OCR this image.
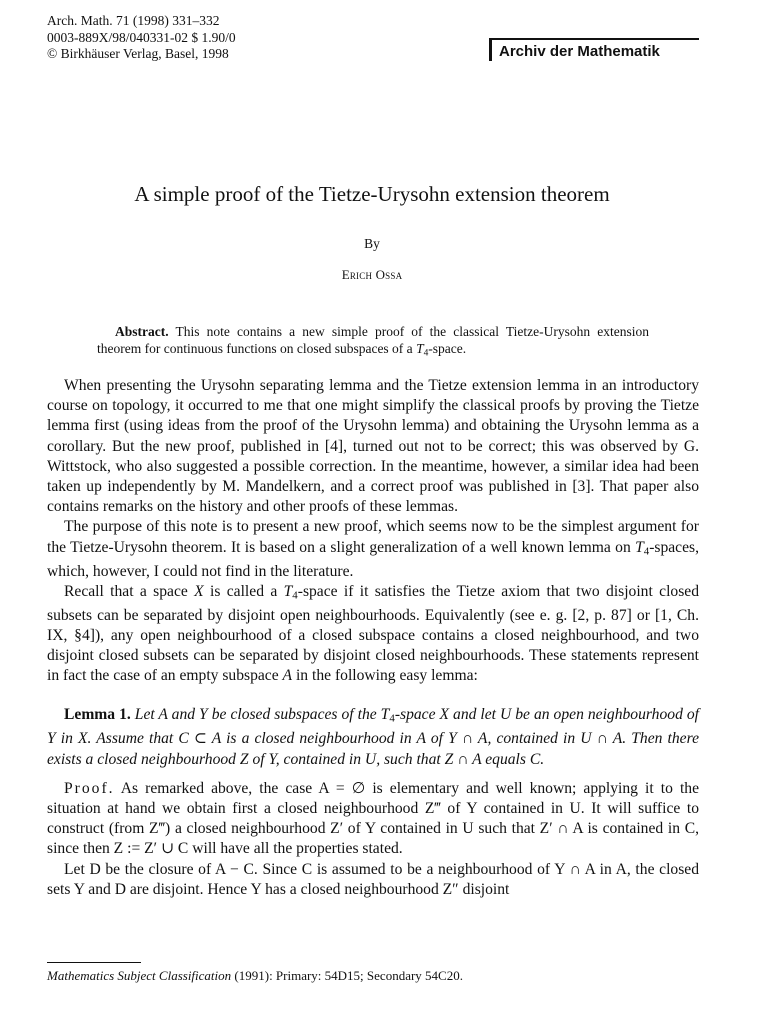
Arch. Math. 71 (1998) 331–332
0003-889X/98/040331-02 $ 1.90/0
© Birkhäuser Verlag, Basel, 1998	Archiv der Mathematik
A simple proof of the Tietze-Urysohn extension theorem
By
Erich Ossa
Abstract. This note contains a new simple proof of the classical Tietze-Urysohn extension theorem for continuous functions on closed subspaces of a $T_4$-space.

When presenting the Urysohn separating lemma and the Tietze extension lemma in an introductory course on topology, it occurred to me that one might simplify the classical proofs by proving the Tietze lemma first (using ideas from the proof of the Urysohn lemma) and obtaining the Urysohn lemma as a corollary. But the new proof, published in [4], turned out not to be correct; this was observed by G. Wittstock, who also suggested a possible correction. In the meantime, however, a similar idea had been taken up independently by M. Mandelkern, and a correct proof was published in [3]. That paper also contains remarks on the history and other proofs of these lemmas.

The purpose of this note is to present a new proof, which seems now to be the simplest argument for the Tietze-Urysohn theorem. It is based on a slight generalization of a well known lemma on $T_4$-spaces, which, however, I could not find in the literature.

Recall that a space X is called a $T_4$-space if it satisfies the Tietze axiom that two disjoint closed subsets can be separated by disjoint open neighbourhoods. Equivalently (see e. g. [2, p. 87] or [1, Ch. IX, §4]), any open neighbourhood of a closed subspace contains a closed neighbourhood, and two disjoint closed subsets can be separated by disjoint closed neighbourhoods. These statements represent in fact the case of an empty subspace A in the following easy lemma:

Lemma 1. Let A and Y be closed subspaces of the $T_4$-space X and let U be an open neighbourhood of Y in X. Assume that C ⊂ A is a closed neighbourhood in A of Y ∩ A, contained in U ∩ A. Then there exists a closed neighbourhood Z of Y, contained in U, such that Z ∩ A equals C.

Proof. As remarked above, the case A = ∅ is elementary and well known; applying it to the situation at hand we obtain first a closed neighbourhood Z‴ of Y contained in U. It will suffice to construct (from Z‴) a closed neighbourhood Z′ of Y contained in U such that Z′ ∩ A is contained in C, since then Z := Z′ ∪ C will have all the properties stated.

Let D be the closure of A − C. Since C is assumed to be a neighbourhood of Y ∩ A in A, the closed sets Y and D are disjoint. Hence Y has a closed neighbourhood Z″ disjoint

Mathematics Subject Classification (1991): Primary: 54D15; Secondary 54C20.
